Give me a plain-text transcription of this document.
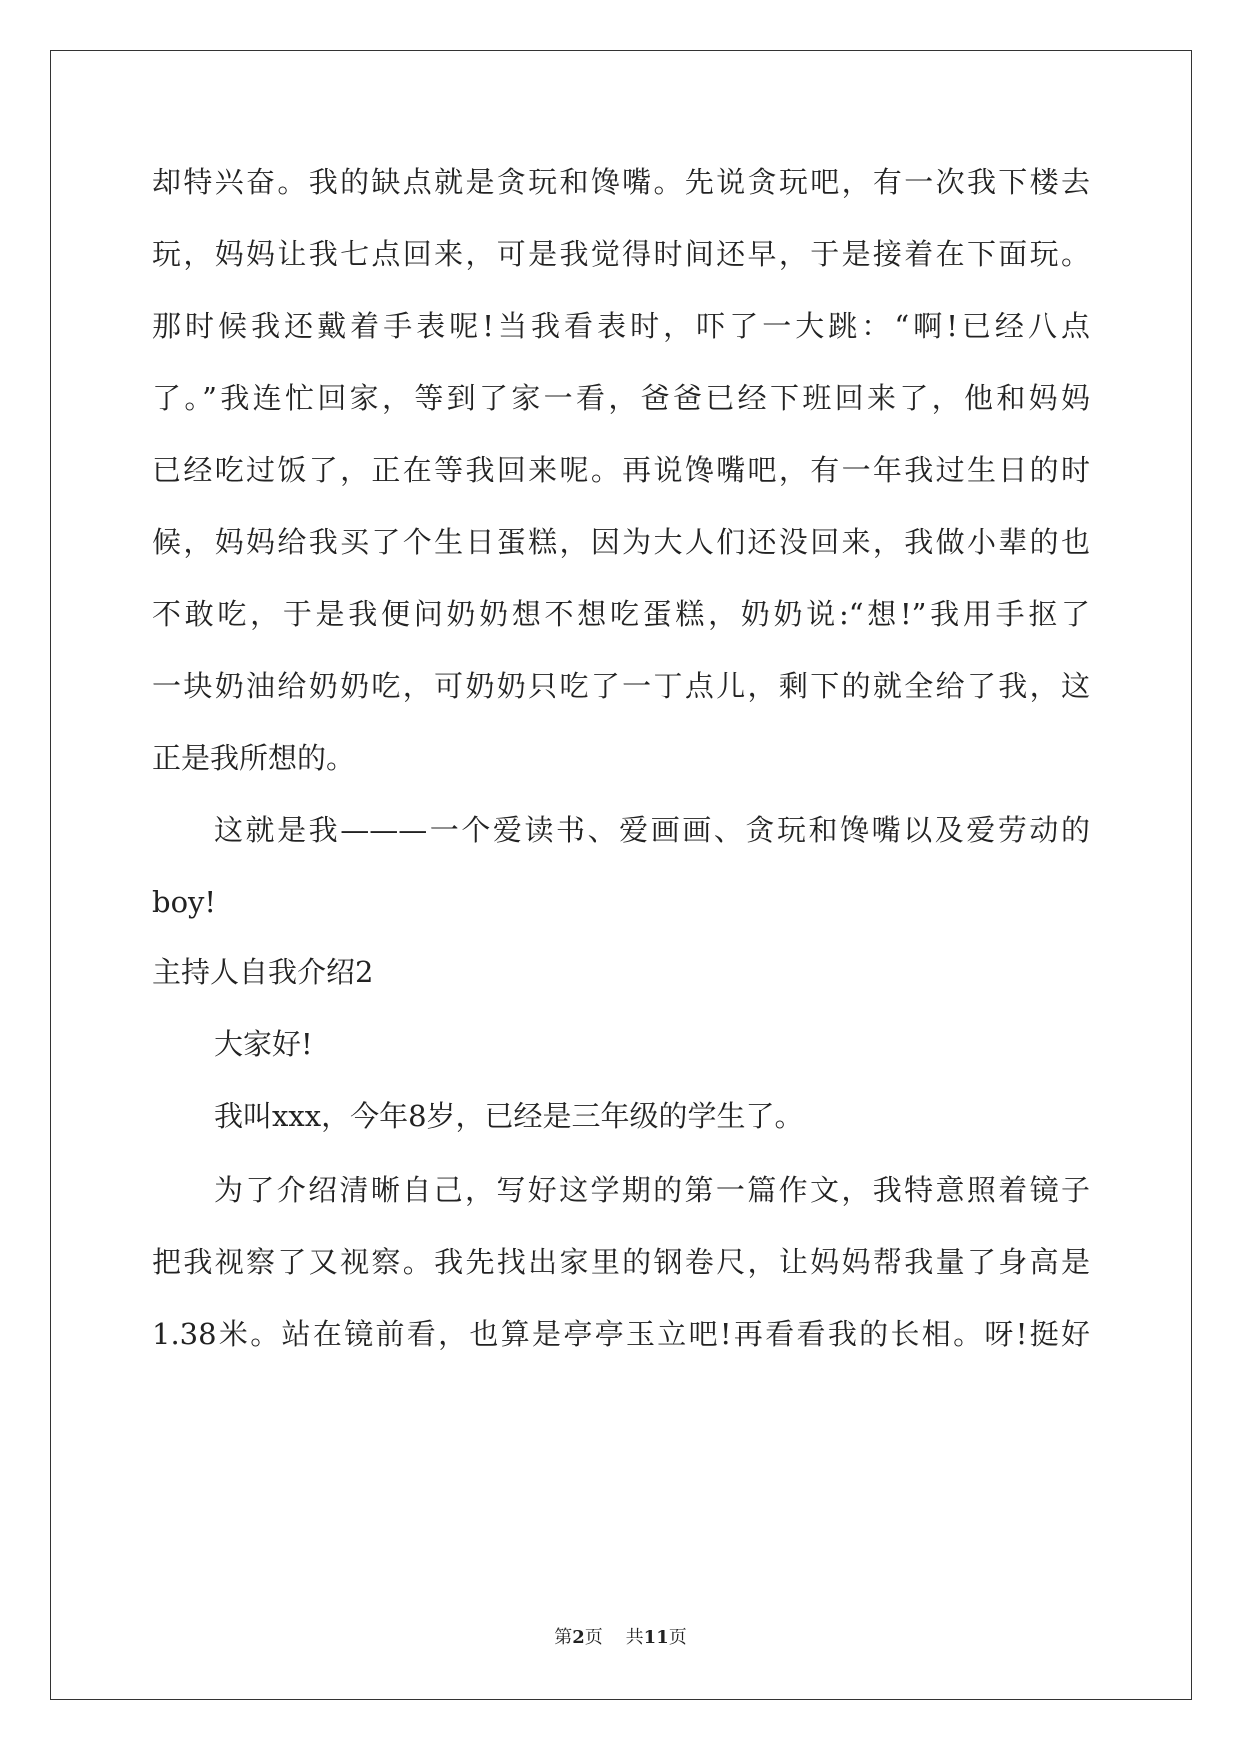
却特兴奋。我的缺点就是贪玩和馋嘴。先说贪玩吧，有一次我下楼去
玩，妈妈让我七点回来，可是我觉得时间还早，于是接着在下面玩。
那时候我还戴着手表呢!当我看表时，吓了一大跳：“啊!已经八点
了。”我连忙回家，等到了家一看，爸爸已经下班回来了，他和妈妈
已经吃过饭了，正在等我回来呢。再说馋嘴吧，有一年我过生日的时
候，妈妈给我买了个生日蛋糕，因为大人们还没回来，我做小辈的也
不敢吃，于是我便问奶奶想不想吃蛋糕，奶奶说:“想!”我用手抠了
一块奶油给奶奶吃，可奶奶只吃了一丁点儿，剩下的就全给了我，这
正是我所想的。
这就是我———一个爱读书、爱画画、贪玩和馋嘴以及爱劳动的
boy!
主持人自我介绍2
大家好!
我叫xxx，今年8岁，已经是三年级的学生了。
为了介绍清晰自己，写好这学期的第一篇作文，我特意照着镜子
把我视察了又视察。我先找出家里的钢卷尺，让妈妈帮我量了身高是
1.38米。站在镜前看，也算是亭亭玉立吧!再看看我的长相。呀!挺好
第2页 共11页
